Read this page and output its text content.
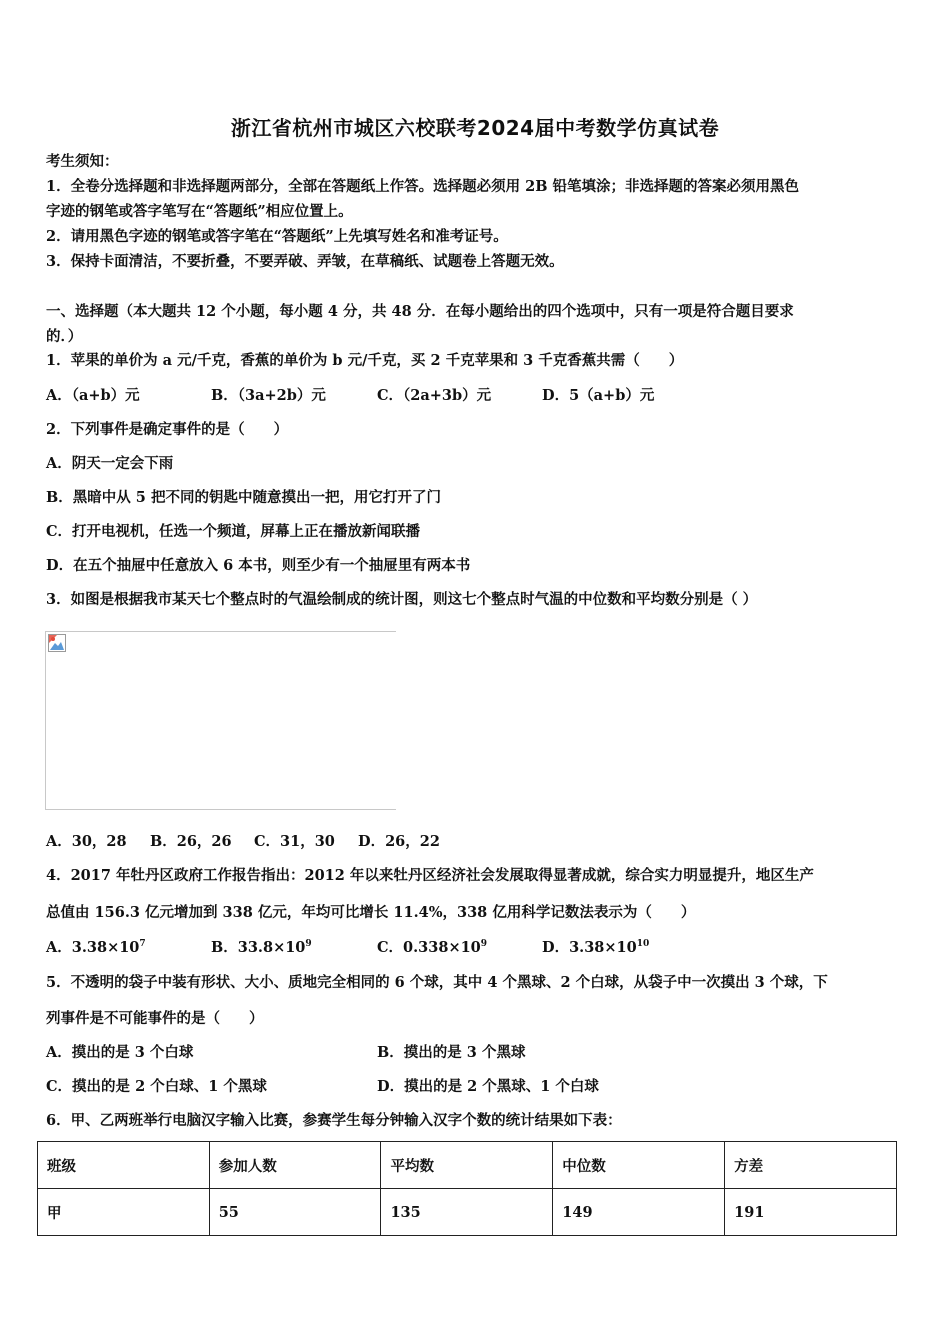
浙江省杭州市城区六校联考2024届中考数学仿真试卷
考生须知：
1．全卷分选择题和非选择题两部分，全部在答题纸上作答。选择题必须用 2B 铅笔填涂；非选择题的答案必须用黑色
字迹的钢笔或答字笔写在“答题纸”相应位置上。
2．请用黑色字迹的钢笔或答字笔在“答题纸”上先填写姓名和准考证号。
3．保持卡面清洁，不要折叠，不要弄破、弄皱，在草稿纸、试题卷上答题无效。
一、选择题（本大题共 12 个小题，每小题 4 分，共 48 分．在每小题给出的四个选项中，只有一项是符合题目要求
的．）
1．苹果的单价为 a 元/千克，香蕉的单价为 b 元/千克，买 2 千克苹果和 3 千克香蕉共需（　　）
A．（a+b）元	B．（3a+2b）元	C．（2a+3b）元	D．5（a+b）元
2．下列事件是确定事件的是（　　）
A．阴天一定会下雨
B．黑暗中从 5 把不同的钥匙中随意摸出一把，用它打开了门
C．打开电视机，任选一个频道，屏幕上正在播放新闻联播
D．在五个抽屉中任意放入 6 本书，则至少有一个抽屉里有两本书
3．如图是根据我市某天七个整点时的气温绘制成的统计图，则这七个整点时气温的中位数和平均数分别是（ ）
A．30，28 B．26，26 C．31，30 D．26，22
4．2017 年牡丹区政府工作报告指出：2012 年以来牡丹区经济社会发展取得显著成就，综合实力明显提升，地区生产
总值由 156.3 亿元增加到 338 亿元，年均可比增长 11.4%，338 亿用科学记数法表示为（　　）
A．$3.38\times 10^7$	B．$33.8\times 10^9$	C．$0.338\times 10^9$	D．$3.38\times 10^{10}$
5．不透明的袋子中装有形状、大小、质地完全相同的 6 个球，其中 4 个黑球、2 个白球，从袋子中一次摸出 3 个球，下
列事件是不可能事件的是（　　）
A．摸出的是 3 个白球	B．摸出的是 3 个黑球
C．摸出的是 2 个白球、1 个黑球	D．摸出的是 2 个黑球、1 个白球
6．甲、乙两班举行电脑汉字输入比赛，参赛学生每分钟输入汉字个数的统计结果如下表：
班级	参加人数	平均数	中位数	方差
甲	55	135	149	191
